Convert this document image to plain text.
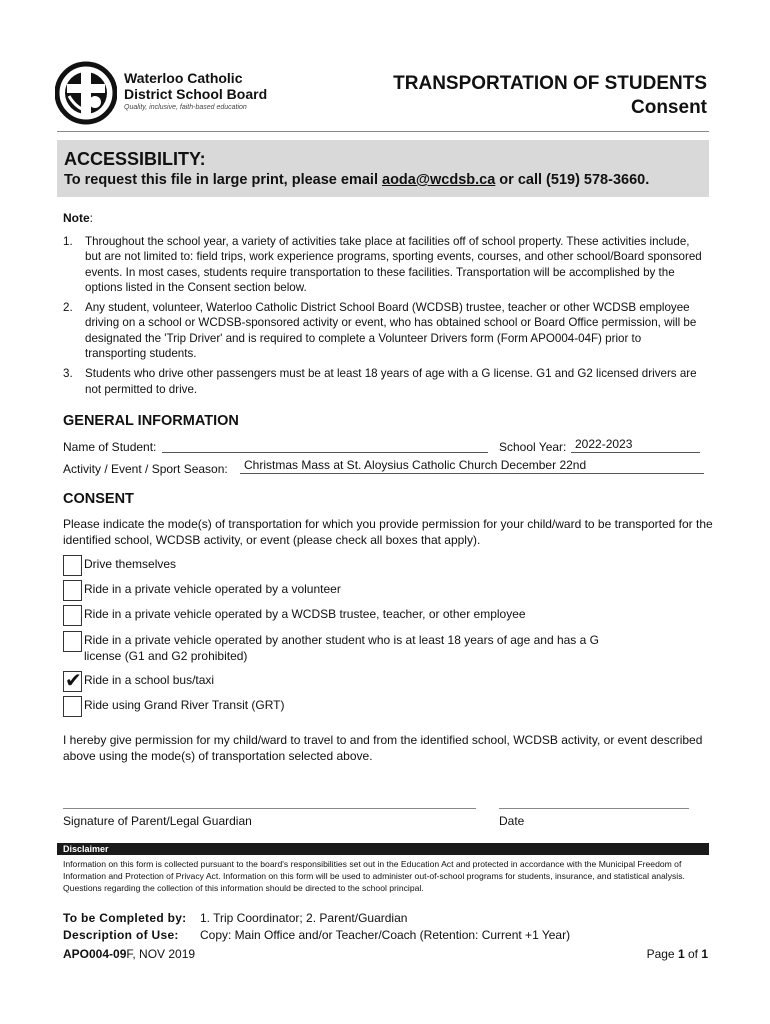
Waterloo Catholic
District School Board
Quality, inclusive, faith-based education
TRANSPORTATION OF STUDENTS
Consent
ACCESSIBILITY:
To request this file in large print, please email aoda@wcdsb.ca or call (519) 578-3660.
Note:
1. Throughout the school year, a variety of activities take place at facilities off of school property. These activities include, but are not limited to: field trips, work experience programs, sporting events, courses, and other school/Board sponsored events. In most cases, students require transportation to these facilities. Transportation will be accomplished by the options listed in the Consent section below.
2. Any student, volunteer, Waterloo Catholic District School Board (WCDSB) trustee, teacher or other WCDSB employee driving on a school or WCDSB-sponsored activity or event, who has obtained school or Board Office permission, will be designated the 'Trip Driver' and is required to complete a Volunteer Drivers form (Form APO004-04F) prior to transporting students.
3. Students who drive other passengers must be at least 18 years of age with a G license. G1 and G2 licensed drivers are not permitted to drive.
GENERAL INFORMATION
Name of Student:	School Year: 2022-2023
Activity / Event / Sport Season:	Christmas Mass at St. Aloysius Catholic Church December 22nd
CONSENT
Please indicate the mode(s) of transportation for which you provide permission for your child/ward to be transported for the identified school, WCDSB activity, or event (please check all boxes that apply).
Drive themselves
Ride in a private vehicle operated by a volunteer
Ride in a private vehicle operated by a WCDSB trustee, teacher, or other employee
Ride in a private vehicle operated by another student who is at least 18 years of age and has a G license (G1 and G2 prohibited)
✔ Ride in a school bus/taxi
Ride using Grand River Transit (GRT)
I hereby give permission for my child/ward to travel to and from the identified school, WCDSB activity, or event described above using the mode(s) of transportation selected above.
Signature of Parent/Legal Guardian	Date
Disclaimer
Information on this form is collected pursuant to the board's responsibilities set out in the Education Act and protected in accordance with the Municipal Freedom of Information and Protection of Privacy Act. Information on this form will be used to administer out-of-school programs for students, insurance, and statistical analysis. Questions regarding the collection of this information should be directed to the school principal.
To be Completed by: 1. Trip Coordinator; 2. Parent/Guardian
Description of Use: Copy: Main Office and/or Teacher/Coach (Retention: Current +1 Year)
APO004-09F, NOV 2019	Page 1 of 1
